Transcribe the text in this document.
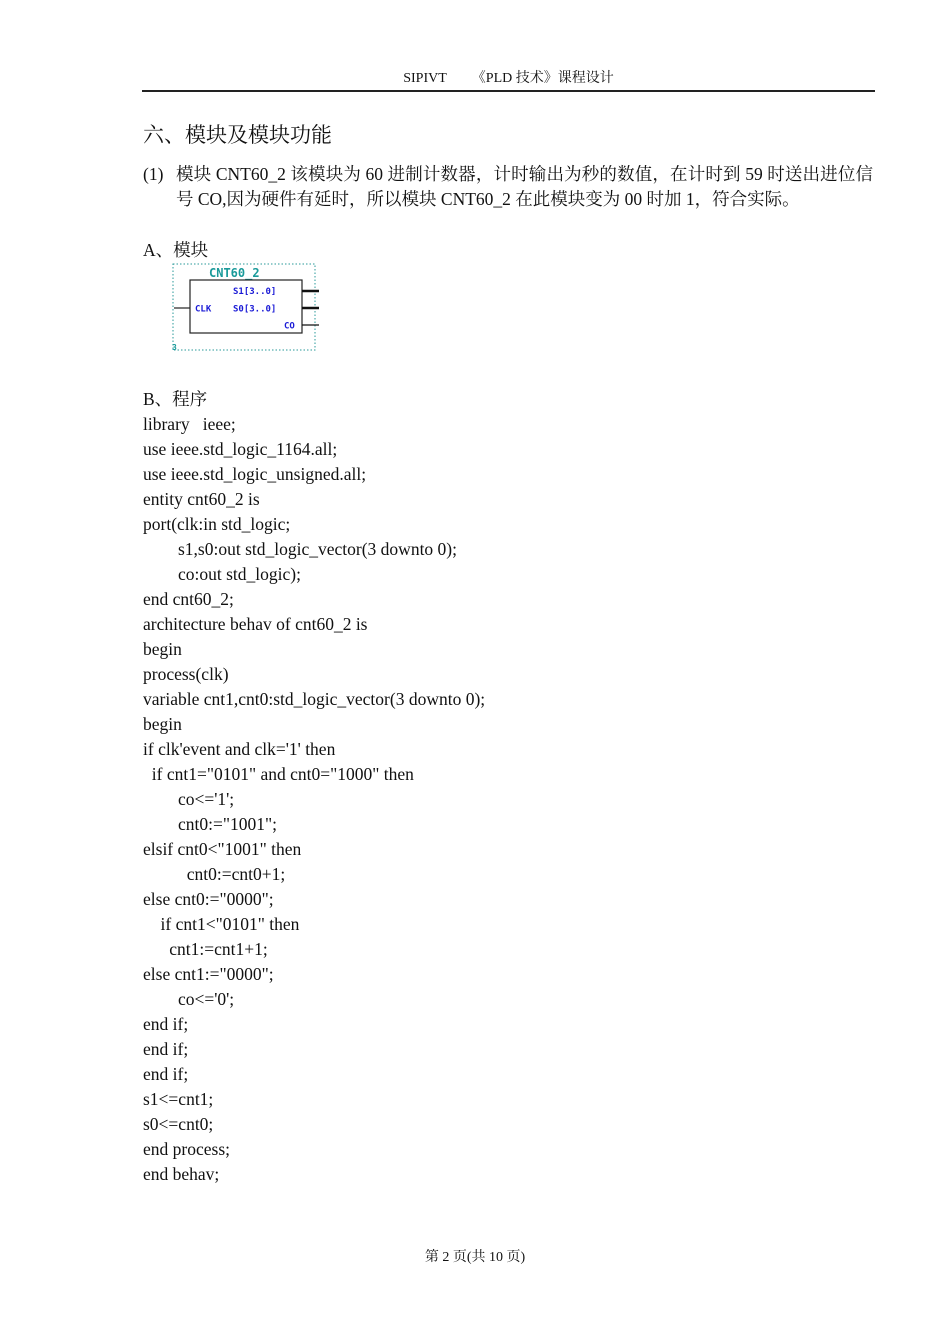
SIPIVT 《PLD 技术》课程设计
六、模块及模块功能
(1) 模块 CNT60_2 该模块为 60 进制计数器，计时输出为秒的数值，在计时到 59 时送出进位信号 CO,因为硬件有延时，所以模块 CNT60_2 在此模块变为 00 时加 1，符合实际。
A、模块
CNT60_2
CLK
S1[3..0]
S0[3..0]
CO
3
B、程序
library   ieee;
use ieee.std_logic_1164.all;
use ieee.std_logic_unsigned.all;
entity cnt60_2 is
port(clk:in std_logic;
s1,s0:out std_logic_vector(3 downto 0);
co:out std_logic);
end cnt60_2;
architecture behav of cnt60_2 is
begin
process(clk)
variable cnt1,cnt0:std_logic_vector(3 downto 0);
begin
if clk'event and clk='1' then
if cnt1="0101" and cnt0="1000" then
co<='1';
cnt0:="1001";
elsif cnt0<"1001" then
cnt0:=cnt0+1;
else cnt0:="0000";
if cnt1<"0101" then
cnt1:=cnt1+1;
else cnt1:="0000";
co<='0';
end if;
end if;
end if;
s1<=cnt1;
s0<=cnt0;
end process;
end behav;
第 2 页(共 10 页)
